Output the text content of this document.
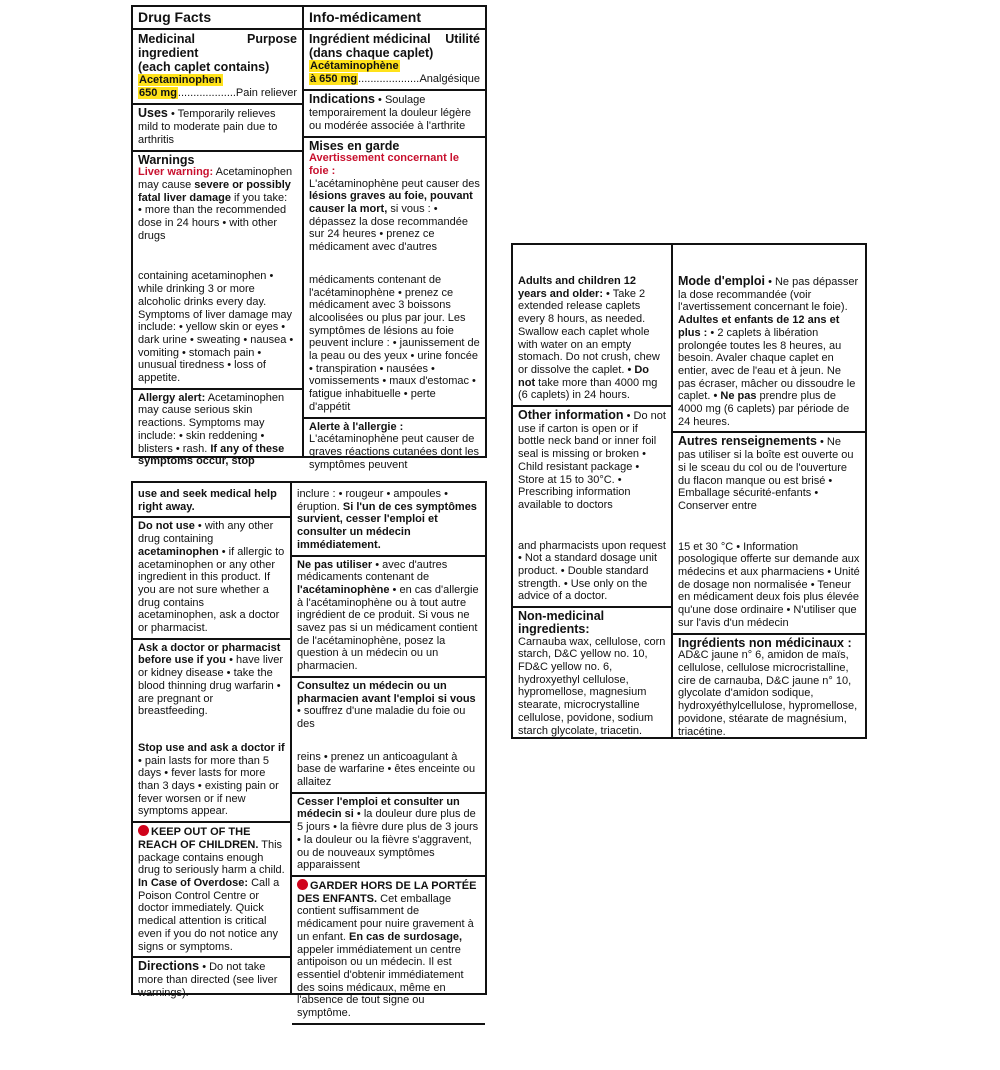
Drug Facts
Medicinal ingredient
Purpose
(each caplet contains)
Acetaminophen
650 mg .....	Pain reliever
Uses • Temporarily relieves mild to moderate pain due to arthritis
Warnings

Liver warning: Acetaminophen may cause severe or possibly fatal liver damage if you take:

• more than the recommended dose in 24 hours • with other drugs

containing acetaminophen • while drinking 3 or more alcoholic drinks every day. Symptoms of liver damage may include: • yellow skin or eyes • dark urine • sweating • nausea • vomiting • stomach pain • unusual tiredness • loss of appetite.

Allergy alert: Acetaminophen may cause serious skin reactions. Symptoms may include: • skin reddening • blisters • rash. If any of these symptoms occur, stop

Info-médicament
Ingrédient médicinal Utilité
(dans chaque caplet)
Acétaminophène
à 650 mg .....	Analgésique
Indications • Soulage temporairement la douleur légère ou modérée associée à l'arthrite
Mises en garde

Avertissement concernant le foie :

L'acétaminophène peut causer des lésions graves au foie, pouvant causer la mort, si vous : • dépassez la dose recommandée sur 24 heures • prenez ce médicament avec d'autres

médicaments contenant de l'acétaminophène • prenez ce médicament avec 3 boissons alcoolisées ou plus par jour. Les symptômes de lésions au foie peuvent inclure : • jaunissement de la peau ou des yeux • urine foncée • transpiration • nausées • vomissements • maux d'estomac • fatigue inhabituelle • perte d'appétit

Alerte à l'allergie : L'acétaminophène peut causer de graves réactions cutanées dont les symptômes peuvent

use and seek medical help right away.

Do not use • with any other drug containing acetaminophen • if allergic to acetaminophen or any other ingredient in this product. If you are not sure whether a drug contains acetaminophen, ask a doctor or pharmacist.

Ask a doctor or pharmacist before use if you • have liver or kidney disease • take the blood thinning drug warfarin • are pregnant or breastfeeding.

Stop use and ask a doctor if

• pain lasts for more than 5 days • fever lasts for more than 3 days • existing pain or fever worsen or if new symptoms appear.

KEEP OUT OF THE REACH OF CHILDREN. This package contains enough drug to seriously harm a child. In Case of Overdose: Call a Poison Control Centre or doctor immediately. Quick medical attention is critical even if you do not notice any signs or symptoms.

Directions • Do not take more than directed (see liver warnings).

inclure : • rougeur • ampoules • éruption. Si l'un de ces symptômes survient, cesser l'emploi et consulter un médecin immédiatement.

Ne pas utiliser • avec d'autres médicaments contenant de l'acétaminophène • en cas d'allergie à l'acétaminophène ou à tout autre ingrédient de ce produit. Si vous ne savez pas si un médicament contient de l'acétaminophène, posez la question à un médecin ou un pharmacien.

Consultez un médecin ou un pharmacien avant l'emploi si vous • souffrez d'une maladie du foie ou des

reins • prenez un anticoagulant à base de warfarine • êtes enceinte ou allaitez

Cesser l'emploi et consulter un médecin si • la douleur dure plus de 5 jours • la fièvre dure plus de 3 jours • la douleur ou la fièvre s'aggravent, ou de nouveaux symptômes apparaissent

GARDER HORS DE LA PORTÉE DES ENFANTS. Cet emballage contient suffisamment de médicament pour nuire gravement à un enfant. En cas de surdosage, appeler immédiatement un centre antipoison ou un médecin. Il est essentiel d'obtenir immédiatement des soins médicaux, même en l'absence de tout signe ou symptôme.

Adults and children 12 years and older: • Take 2 extended release caplets every 8 hours, as needed. Swallow each caplet whole with water on an empty stomach. Do not crush, chew or dissolve the caplet. • Do not take more than 4000 mg (6 caplets) in 24 hours.

Other information • Do not use if carton is open or if bottle neck band or inner foil seal is missing or broken • Child resistant package • Store at 15 to 30°C. • Prescribing information available to doctors

and pharmacists upon request • Not a standard dosage unit product. • Double standard strength. • Use only on the advice of a doctor.

Non-medicinal ingredients:

Carnauba wax, cellulose, corn starch, D&C yellow no. 10, FD&C yellow no. 6, hydroxyethyl cellulose, hypromellose, magnesium stearate, microcrystalline cellulose, povidone, sodium starch glycolate, triacetin.

Mode d'emploi • Ne pas dépasser la dose recommandée (voir l'avertissement concernant le foie).

Adultes et enfants de 12 ans et plus : • 2 caplets à libération prolongée toutes les 8 heures, au besoin. Avaler chaque caplet en entier, avec de l'eau et à jeun. Ne pas écraser, mâcher ou dissoudre le caplet. • Ne pas prendre plus de 4000 mg (6 caplets) par période de 24 heures.

Autres renseignements • Ne pas utiliser si la boîte est ouverte ou si le sceau du col ou de l'ouverture du flacon manque ou est brisé • Emballage sécurité-enfants • Conserver entre

15 et 30 °C • Information posologique offerte sur demande aux médecins et aux pharmaciens • Unité de dosage non normalisée • Teneur en médicament deux fois plus élevée qu'une dose ordinaire • N'utiliser que sur l'avis d'un médecin

Ingrédients non médicinaux :

AD&C jaune n° 6, amidon de maïs, cellulose, cellulose microcristalline, cire de carnauba, D&C jaune n° 10, glycolate d'amidon sodique, hydroxyéthylcellulose, hypromellose, povidone, stéarate de magnésium, triacétine.
